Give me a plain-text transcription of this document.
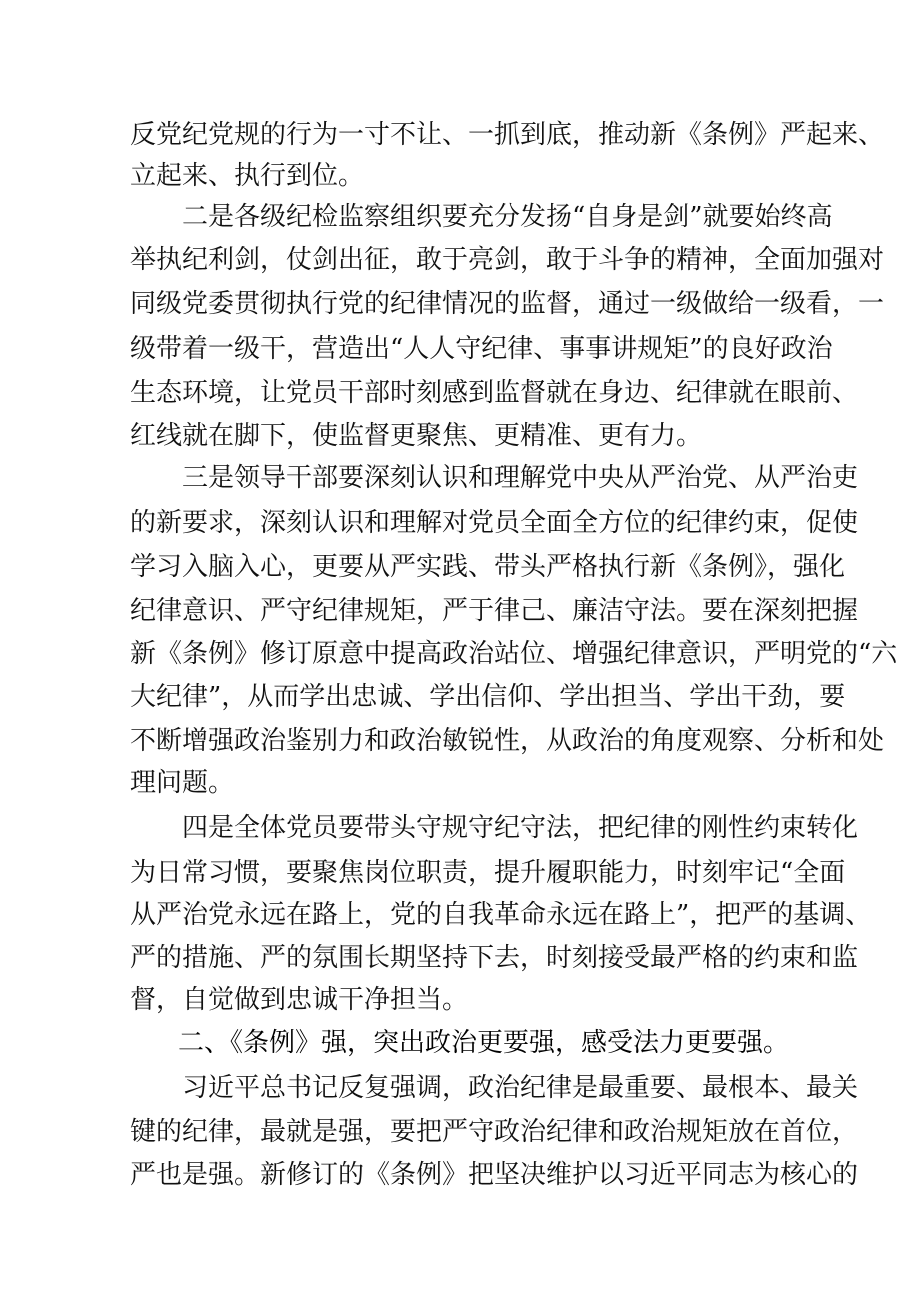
反党纪党规的行为一寸不让、一抓到底，推动新《条例》严起来、
立起来、执行到位。
二是各级纪检监察组织要充分发扬“自身是剑”就要始终高
举执纪利剑，仗剑出征，敢于亮剑，敢于斗争的精神，全面加强对
同级党委贯彻执行党的纪律情况的监督，通过一级做给一级看，一
级带着一级干，营造出“人人守纪律、事事讲规矩”的良好政治
生态环境，让党员干部时刻感到监督就在身边、纪律就在眼前、
红线就在脚下，使监督更聚焦、更精准、更有力。
三是领导干部要深刻认识和理解党中央从严治党、从严治吏
的新要求，深刻认识和理解对党员全面全方位的纪律约束，促使
学习入脑入心，更要从严实践、带头严格执行新《条例》，强化
纪律意识、严守纪律规矩，严于律己、廉洁守法。要在深刻把握
新《条例》修订原意中提高政治站位、增强纪律意识，严明党的“六
大纪律”，从而学出忠诚、学出信仰、学出担当、学出干劲，要
不断增强政治鉴别力和政治敏锐性，从政治的角度观察、分析和处
理问题。
四是全体党员要带头守规守纪守法，把纪律的刚性约束转化
为日常习惯，要聚焦岗位职责，提升履职能力，时刻牢记“全面
从严治党永远在路上，党的自我革命永远在路上”，把严的基调、
严的措施、严的氛围长期坚持下去，时刻接受最严格的约束和监
督，自觉做到忠诚干净担当。
二、《条例》强，突出政治更要强，感受法力更要强。
习近平总书记反复强调，政治纪律是最重要、最根本、最关
键的纪律，最就是强，要把严守政治纪律和政治规矩放在首位，
严也是强。新修订的《条例》把坚决维护以习近平同志为核心的
